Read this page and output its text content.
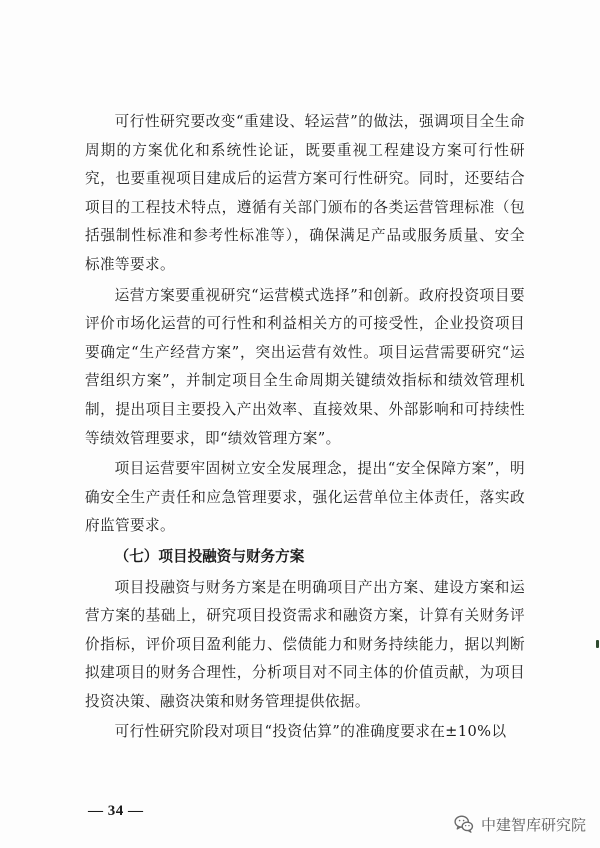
可行性研究要改变“重建设、轻运营”的做法，强调项目全生命周期的方案优化和系统性论证，既要重视工程建设方案可行性研究，也要重视项目建成后的运营方案可行性研究。同时，还要结合项目的工程技术特点，遵循有关部门颁布的各类运营管理标准（包括强制性标准和参考性标准等），确保满足产品或服务质量、安全标准等要求。

运营方案要重视研究“运营模式选择”和创新。政府投资项目要评价市场化运营的可行性和利益相关方的可接受性，企业投资项目要确定“生产经营方案”，突出运营有效性。项目运营需要研究“运营组织方案”，并制定项目全生命周期关键绩效指标和绩效管理机制，提出项目主要投入产出效率、直接效果、外部影响和可持续性等绩效管理要求，即“绩效管理方案”。

项目运营要牢固树立安全发展理念，提出“安全保障方案”，明确安全生产责任和应急管理要求，强化运营单位主体责任，落实政府监管要求。

（七）项目投融资与财务方案

项目投融资与财务方案是在明确项目产出方案、建设方案和运营方案的基础上，研究项目投资需求和融资方案，计算有关财务评价指标，评价项目盈利能力、偿债能力和财务持续能力，据以判断拟建项目的财务合理性，分析项目对不同主体的价值贡献，为项目投资决策、融资决策和财务管理提供依据。

可行性研究阶段对项目“投资估算”的准确度要求在±10%以

— 34 —
中建智库研究院
